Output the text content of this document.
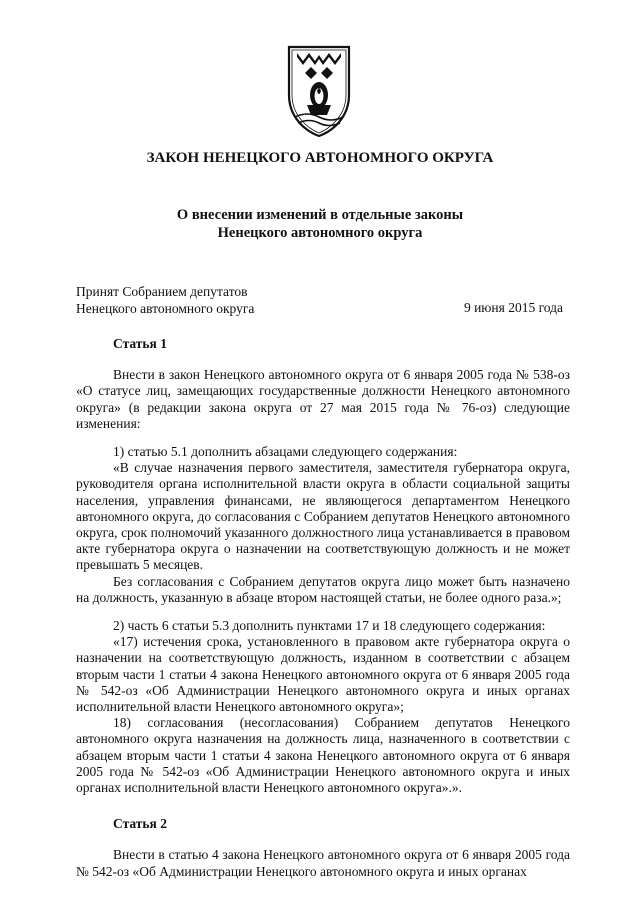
ЗАКОН НЕНЕЦКОГО АВТОНОМНОГО ОКРУГА
О внесении изменений в отдельные законы
Ненецкого автономного округа
Принят Собранием депутатов
Ненецкого автономного округа	9 июня 2015 года
Статья 1

Внести в закон Ненецкого автономного округа от 6 января 2005 года № 538-оз «О статусе лиц, замещающих государственные должности Ненецкого автономного округа» (в редакции закона округа от 27 мая 2015 года № 76-оз) следующие изменения:

1) статью 5.1 дополнить абзацами следующего содержания:

«В случае назначения первого заместителя, заместителя губернатора округа, руководителя органа исполнительной власти округа в области социальной защиты населения, управления финансами, не являющегося департаментом Ненецкого автономного округа, до согласования с Собранием депутатов Ненецкого автономного округа, срок полномочий указанного должностного лица устанавливается в правовом акте губернатора округа о назначении на соответствующую должность и не может превышать 5 месяцев.

Без согласования с Собранием депутатов округа лицо может быть назначено на должность, указанную в абзаце втором настоящей статьи, не более одного раза.»;

2) часть 6 статьи 5.3 дополнить пунктами 17 и 18 следующего содержания:

«17) истечения срока, установленного в правовом акте губернатора округа о назначении на соответствующую должность, изданном в соответствии с абзацем вторым части 1 статьи 4 закона Ненецкого автономного округа от 6 января 2005 года № 542-оз «Об Администрации Ненецкого автономного округа и иных органах исполнительной власти Ненецкого автономного округа»;

18) согласования (несогласования) Собранием депутатов Ненецкого автономного округа назначения на должность лица, назначенного в соответствии с абзацем вторым части 1 статьи 4 закона Ненецкого автономного округа от 6 января 2005 года № 542-оз «Об Администрации Ненецкого автономного округа и иных органах исполнительной власти Ненецкого автономного округа».».

Статья 2

Внести в статью 4 закона Ненецкого автономного округа от 6 января 2005 года № 542-оз «Об Администрации Ненецкого автономного округа и иных органах
